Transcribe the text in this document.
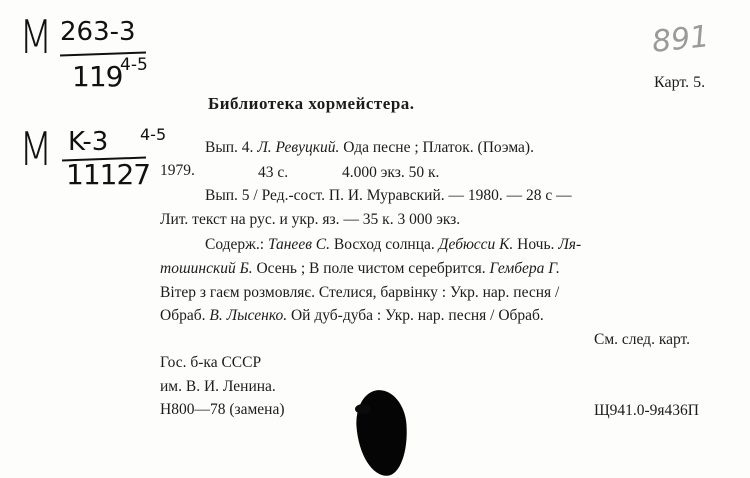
M 263-3
119
4-5
M K-3 4-5
11127
891
Карт. 5.
Библиотека хормейстера.
Вып. 4. Л. Ревуцкий. Ода песне ; Платок. (Поэма).
1979.	43 с.	4.000 экз. 50 к.
Вып. 5 / Ред.-сост. П. И. Муравский. — 1980. — 28 с —
Лит. текст на рус. и укр. яз. — 35 к. 3 000 экз.
Содерж.: Танеев С. Восход солнца. Дебюсси К. Ночь. Ля-
тошинский Б. Осень ; В поле чистом серебрится. Гембера Г.
Вiтер з гаєм розмовляє. Стелися, барвiнку : Укр. нар. песня /
Обраб. В. Лысенко. Ой дуб-дуба : Укр. нар. песня / Обраб.
См. след. карт.
Гос. б-ка СССР
им. В. И. Ленина.
Н800—78 (замена)	Щ941.0-9я436П
